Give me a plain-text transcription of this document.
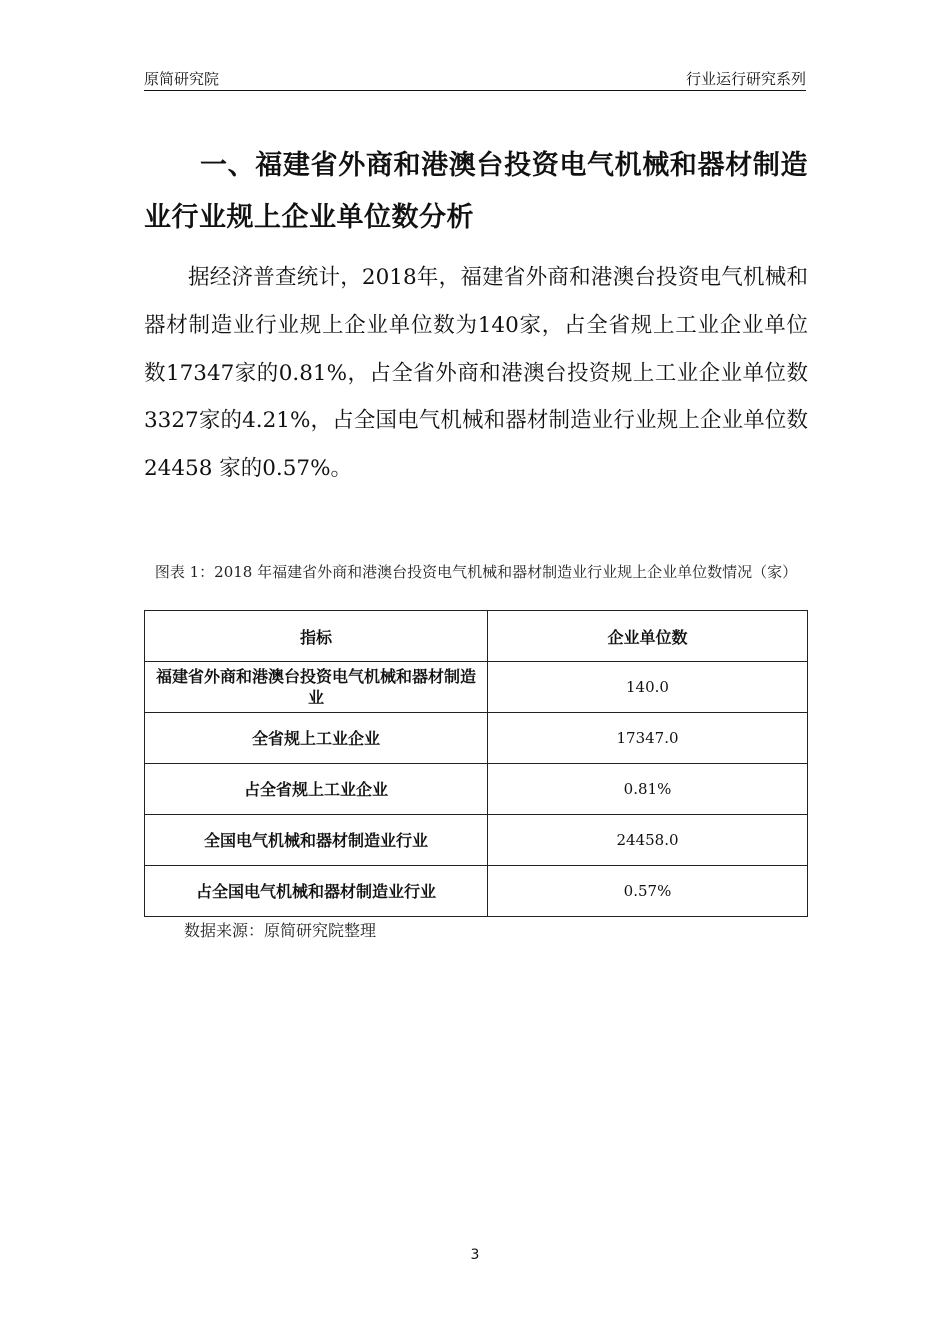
原简研究院	行业运行研究系列
一、福建省外商和港澳台投资电气机械和器材制造业行业规上企业单位数分析

据经济普查统计，2018年，福建省外商和港澳台投资电气机械和器材制造业行业规上企业单位数为140家，占全省规上工业企业单位数17347家的0.81%，占全省外商和港澳台投资规上工业企业单位数3327家的4.21%，占全国电气机械和器材制造业行业规上企业单位数 24458 家的0.57%。

图表 1：2018 年福建省外商和港澳台投资电气机械和器材制造业行业规上企业单位数情况（家）

指标	企业单位数
福建省外商和港澳台投资电气机械和器材制造业	140.0
全省规上工业企业	17347.0
占全省规上工业企业	0.81%
全国电气机械和器材制造业行业	24458.0
占全国电气机械和器材制造业行业	0.57%
数据来源：原简研究院整理
3
